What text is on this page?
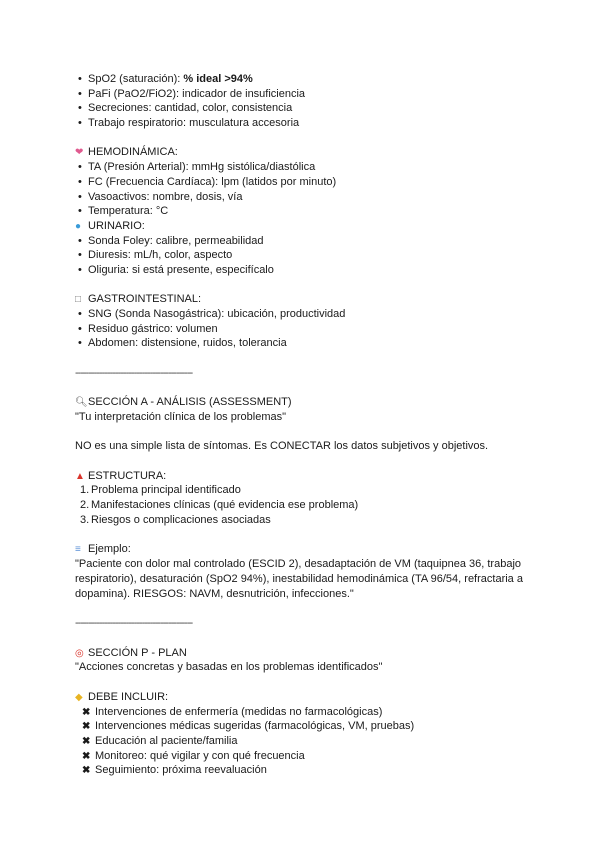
• SpO2 (saturación): % ideal >94%
• PaFi (PaO2/FiO2): indicador de insuficiencia
• Secreciones: cantidad, color, consistencia
• Trabajo respiratorio: musculatura accesoria
❤ HEMODINÁMICA:
• TA (Presión Arterial): mmHg sistólica/diastólica
• FC (Frecuencia Cardíaca): lpm (latidos por minuto)
• Vasoactivos: nombre, dosis, vía
• Temperatura: °C
● URINARIO:
• Sonda Foley: calibre, permeabilidad
• Diuresis: mL/h, color, aspecto
• Oliguria: si está presente, especifícalo
□ GASTROINTESTINAL:
• SNG (Sonda Nasogástrica): ubicación, productividad
• Residuo gástrico: volumen
• Abdomen: distensione, ruidos, tolerancia
--------------------------------------------
🔍︎SECCIÓN A - ANÁLISIS (ASSESSMENT)
"Tu interpretación clínica de los problemas"
NO es una simple lista de síntomas. Es CONECTAR los datos subjetivos y objetivos.
▲ ESTRUCTURA:
1. Problema principal identificado
2. Manifestaciones clínicas (qué evidencia ese problema)
3. Riesgos o complicaciones asociadas
≡ Ejemplo:
"Paciente con dolor mal controlado (ESCID 2), desadaptación de VM (taquipnea 36, trabajo respiratorio), desaturación (SpO2 94%), inestabilidad hemodinámica (TA 96/54, refractaria a dopamina). RIESGOS: NAVM, desnutrición, infecciones."
--------------------------------------------
◎ SECCIÓN P - PLAN
"Acciones concretas y basadas en los problemas identificados"
◆ DEBE INCLUIR:
✖ Intervenciones de enfermería (medidas no farmacológicas)
✖ Intervenciones médicas sugeridas (farmacológicas, VM, pruebas)
✖ Educación al paciente/familia
✖ Monitoreo: qué vigilar y con qué frecuencia
✖ Seguimiento: próxima reevaluación
